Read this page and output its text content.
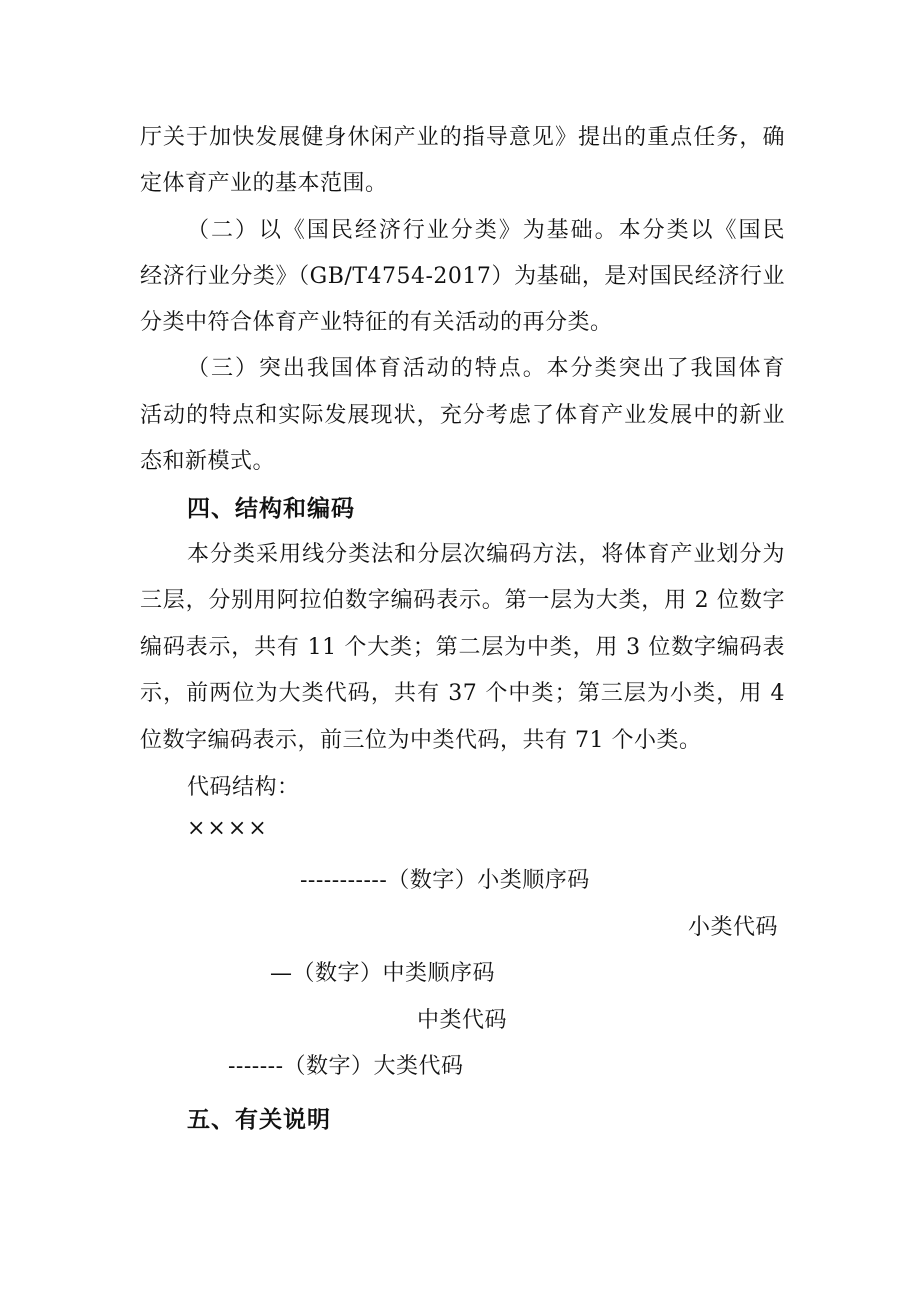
厅关于加快发展健身休闲产业的指导意见》提出的重点任务，确
定体育产业的基本范围。
（二）以《国民经济行业分类》为基础。本分类以《国民
经济行业分类》（GB/T4754-2017）为基础，是对国民经济行业
分类中符合体育产业特征的有关活动的再分类。
（三）突出我国体育活动的特点。本分类突出了我国体育
活动的特点和实际发展现状，充分考虑了体育产业发展中的新业
态和新模式。
四、结构和编码
本分类采用线分类法和分层次编码方法，将体育产业划分为
三层，分别用阿拉伯数字编码表示。第一层为大类，用 2 位数字
编码表示，共有 11 个大类；第二层为中类，用 3 位数字编码表
示，前两位为大类代码，共有 37 个中类；第三层为小类，用 4
位数字编码表示，前三位为中类代码，共有 71 个小类。
代码结构：
××××
-----------（数字）小类顺序码
小类代码
—（数字）中类顺序码
中类代码
-------（数字）大类代码
五、有关说明
